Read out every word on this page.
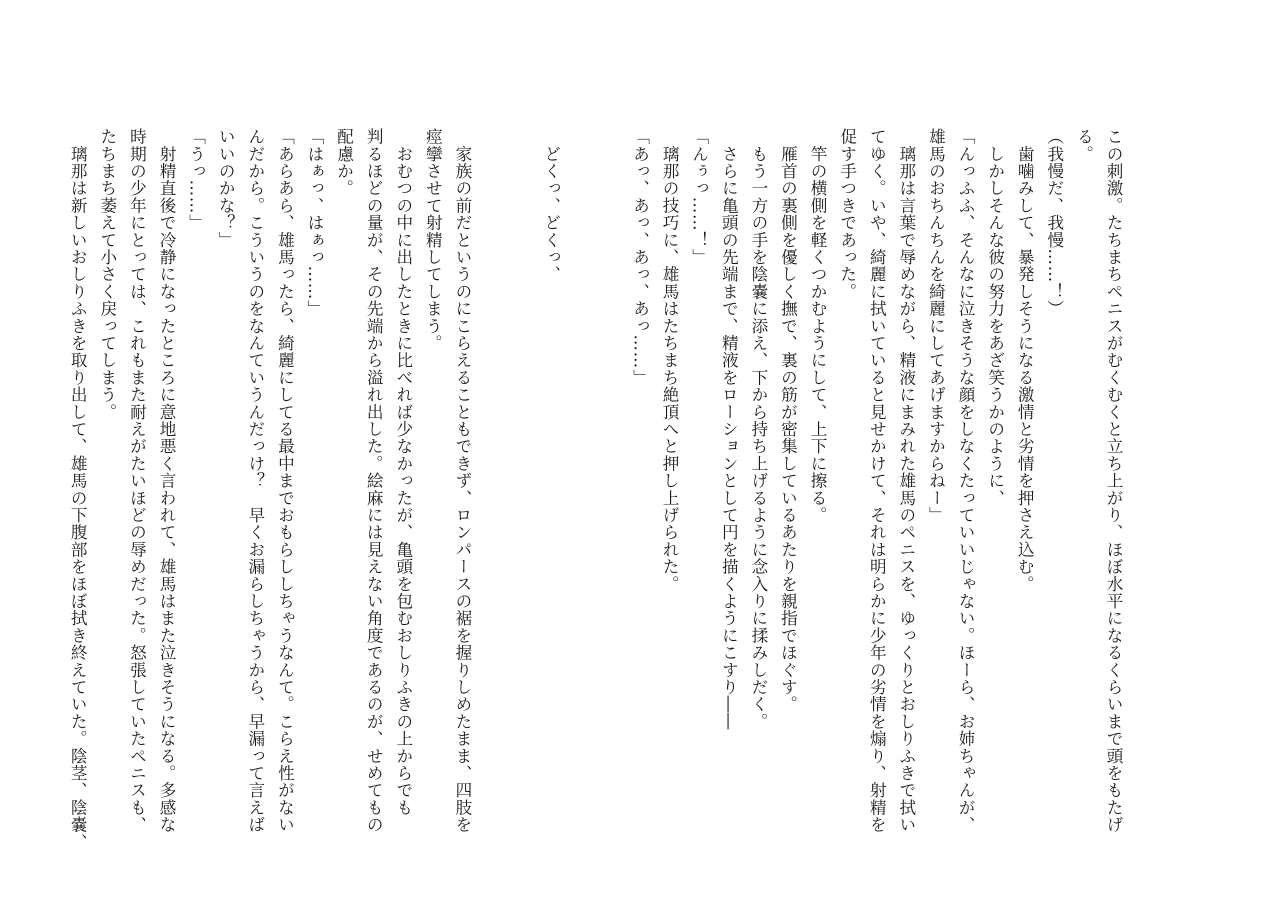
この刺激。たちまちペニスがむくむくと立ち上がり、ほぼ水平になるくらいまで頭をもたげ
る。
（我慢だ、我慢……！）
　歯噛みして、暴発しそうになる激情と劣情を押さえ込む。
　しかしそんな彼の努力をあざ笑うかのように、
「んっふふ、そんなに泣きそうな顔をしなくたっていいじゃない。ほーら、お姉ちゃんが、
雄馬のおちんちんを綺麗にしてあげますからねー」
　璃那は言葉で辱めながら、精液にまみれた雄馬のペニスを、ゆっくりとおしりふきで拭い
てゆく。いや、綺麗に拭いていると見せかけて、それは明らかに少年の劣情を煽り、射精を
促す手つきであった。
　竿の横側を軽くつかむようにして、上下に擦る。
　雁首の裏側を優しく撫で、裏の筋が密集しているあたりを親指でほぐす。
　もう一方の手を陰嚢に添え、下から持ち上げるように念入りに揉みしだく。
　さらに亀頭の先端まで、精液をローションとして円を描くようにこすり――
「んぅっ……！」
　璃那の技巧に、雄馬はたちまち絶頂へと押し上げられた。
「あっ、あっ、あっ、あっ……」

　どくっ、どくっ、

　家族の前だというのにこらえることもできず、ロンパースの裾を握りしめたまま、四肢を
痙攣させて射精してしまう。
　おむつの中に出したときに比べれば少なかったが、亀頭を包むおしりふきの上からでも
判るほどの量が、その先端から溢れ出した。絵麻には見えない角度であるのが、せめてもの
配慮か。
「はぁっ、はぁっ……」
「あらあら、雄馬ったら、綺麗にしてる最中までおもらししちゃうなんて。こらえ性がない
んだから。こういうのをなんていうんだっけ？　早くお漏らしちゃうから、早漏って言えば
いいのかな？」
「うっ……」
　射精直後で冷静になったところに意地悪く言われて、雄馬はまた泣きそうになる。多感な
時期の少年にとっては、これもまた耐えがたいほどの辱めだった。怒張していたペニスも、
たちまち萎えて小さく戻ってしまう。
　璃那は新しいおしりふきを取り出して、雄馬の下腹部をほぼ拭き終えていた。陰茎、陰嚢、
